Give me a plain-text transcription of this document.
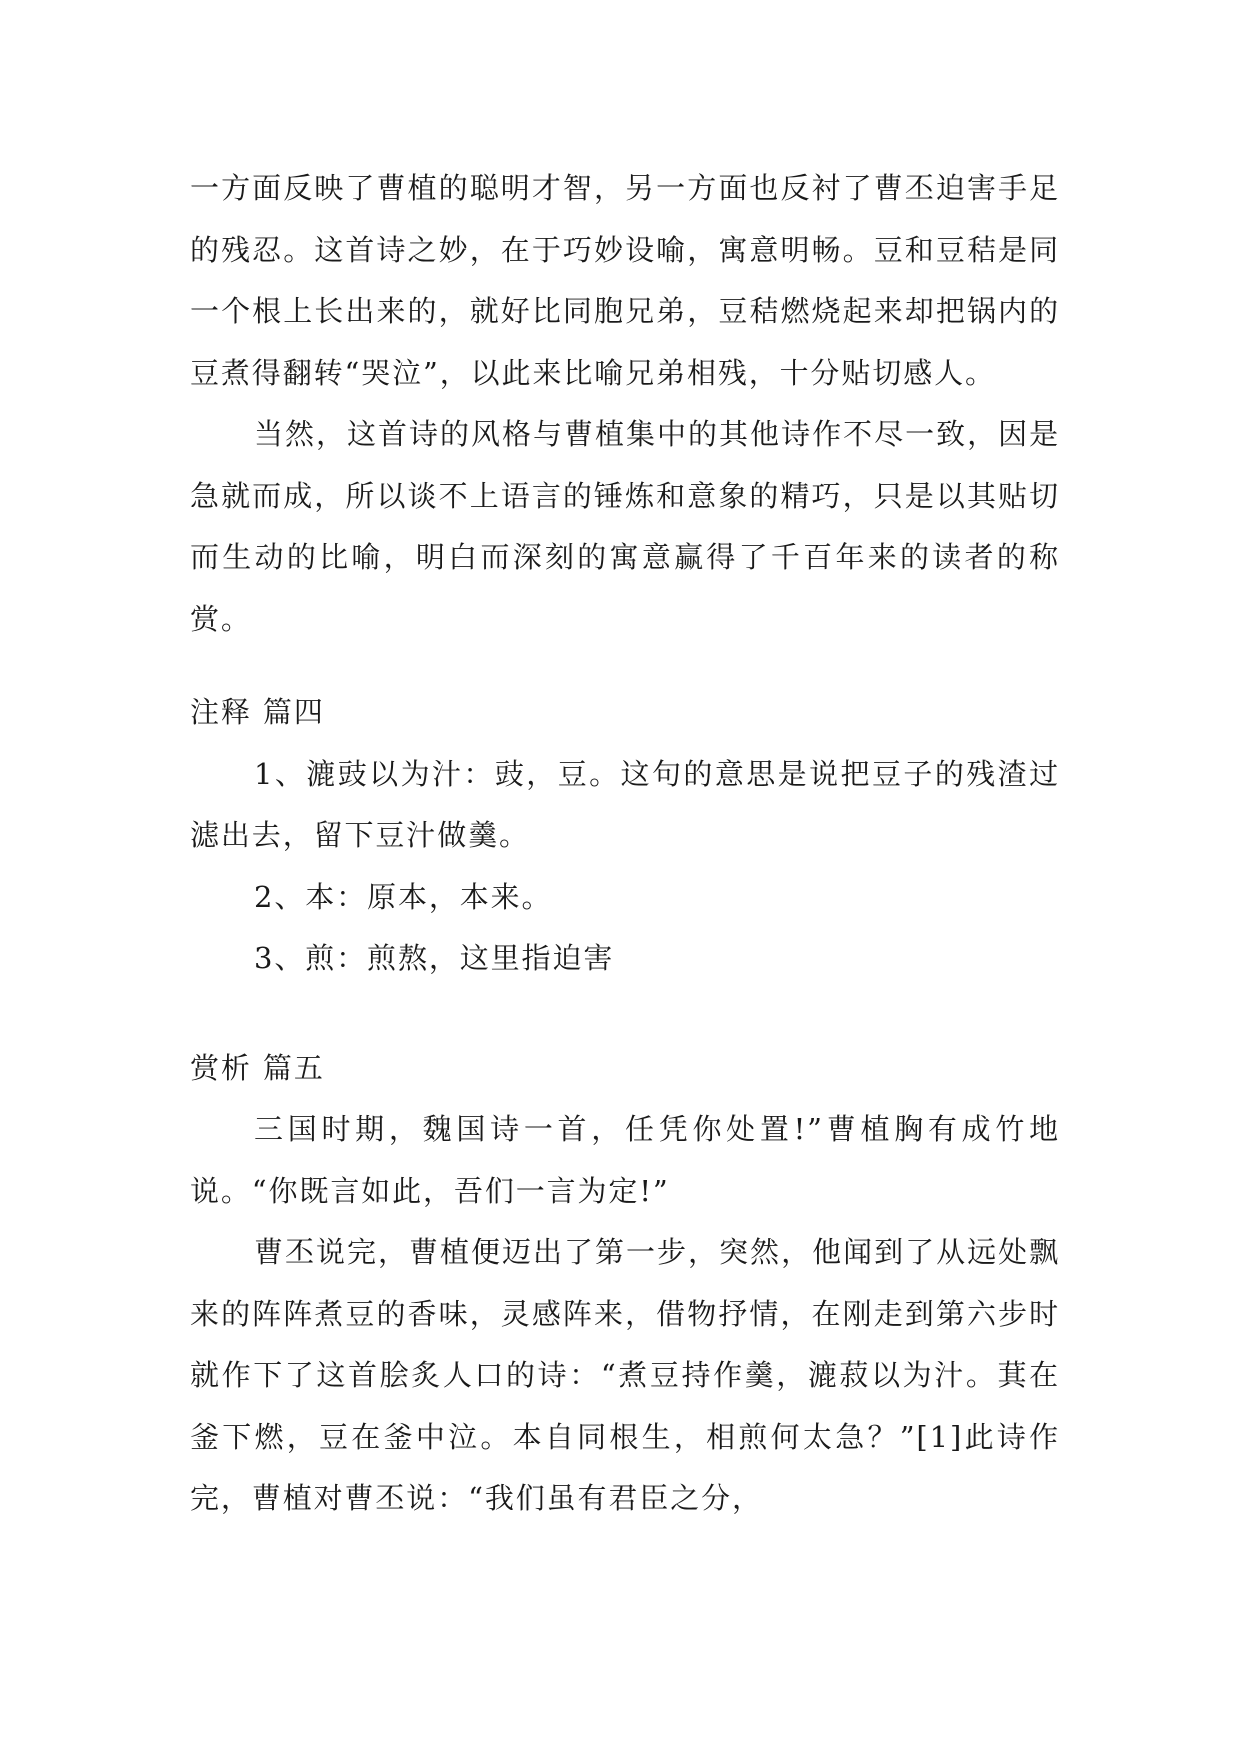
一方面反映了曹植的聪明才智，另一方面也反衬了曹丕迫害手足的残忍。这首诗之妙，在于巧妙设喻，寓意明畅。豆和豆秸是同一个根上长出来的，就好比同胞兄弟，豆秸燃烧起来却把锅内的豆煮得翻转“哭泣”，以此来比喻兄弟相残，十分贴切感人。

当然，这首诗的风格与曹植集中的其他诗作不尽一致，因是急就而成，所以谈不上语言的锤炼和意象的精巧，只是以其贴切而生动的比喻，明白而深刻的寓意赢得了千百年来的读者的称赏。

注释 篇四

1、漉豉以为汁：豉，豆。这句的意思是说把豆子的残渣过滤出去，留下豆汁做羹。

2、本：原本，本来。

3、煎：煎熬，这里指迫害

赏析 篇五

三国时期，魏国诗一首，任凭你处置!”曹植胸有成竹地说。“你既言如此，吾们一言为定!”

曹丕说完，曹植便迈出了第一步，突然，他闻到了从远处飘来的阵阵煮豆的香味，灵感阵来，借物抒情，在刚走到第六步时就作下了这首脍炙人口的诗：“煮豆持作羹，漉菽以为汁。萁在釜下燃，豆在釜中泣。本自同根生，相煎何太急？”[1]此诗作完，曹植对曹丕说：“我们虽有君臣之分，
